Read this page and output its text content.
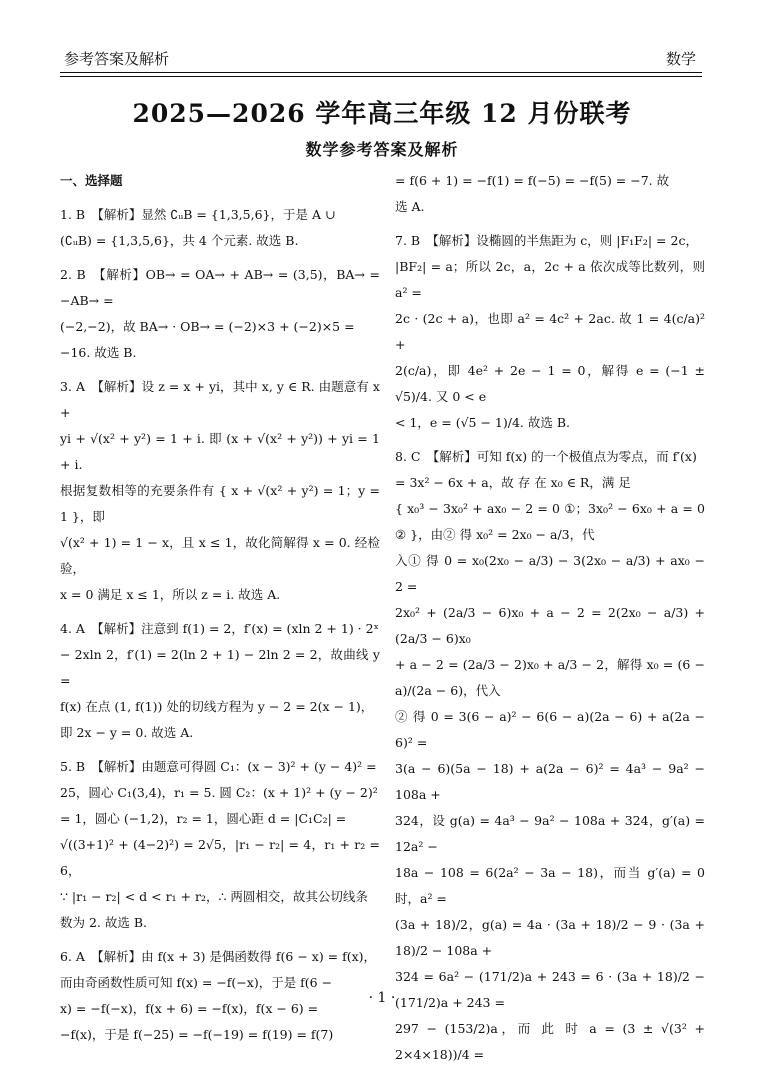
参考答案及解析	数学
2025—2026 学年高三年级 12 月份联考
数学参考答案及解析

一、选择题

1. B　【解析】显然 ∁ᵤB = {1,3,5,6}，于是 A ∪

(∁ᵤB) = {1,3,5,6}，共 4 个元素. 故选 B.

2. B　【解析】OB→ = OA→ + AB→ = (3,5)，BA→ = −AB→ =

(−2,−2)，故 BA→ · OB→ = (−2)×3 + (−2)×5 =

−16. 故选 B.

3. A　【解析】设 z = x + yi，其中 x, y ∈ R. 由题意有 x +

yi + √(x² + y²) = 1 + i. 即 (x + √(x² + y²)) + yi = 1 + i.

根据复数相等的充要条件有 { x + √(x² + y²) = 1；y = 1 }，即

√(x² + 1) = 1 − x，且 x ≤ 1，故化简解得 x = 0. 经检验，

x = 0 满足 x ≤ 1，所以 z = i. 故选 A.

4. A　【解析】注意到 f(1) = 2，f′(x) = (xln 2 + 1) · 2ˣ

− 2xln 2，f′(1) = 2(ln 2 + 1) − 2ln 2 = 2，故曲线 y =

f(x) 在点 (1, f(1)) 处的切线方程为 y − 2 = 2(x − 1)，

即 2x − y = 0. 故选 A.

5. B　【解析】由题意可得圆 C₁：(x − 3)² + (y − 4)² =

25，圆心 C₁(3,4)，r₁ = 5. 圆 C₂：(x + 1)² + (y − 2)²

= 1，圆心 (−1,2)，r₂ = 1，圆心距 d = |C₁C₂| =

√((3+1)² + (4−2)²) = 2√5，|r₁ − r₂| = 4，r₁ + r₂ = 6，

∵ |r₁ − r₂| < d < r₁ + r₂，∴ 两圆相交，故其公切线条

数为 2. 故选 B.

6. A　【解析】由 f(x + 3) 是偶函数得 f(6 − x) = f(x)，

而由奇函数性质可知 f(x) = −f(−x)，于是 f(6 −

x) = −f(−x)，f(x + 6) = −f(x)，f(x − 6) =

−f(x)，于是 f(−25) = −f(−19) = f(19) = f(7)

= f(6 + 1) = −f(1) = f(−5) = −f(5) = −7. 故

选 A.

7. B　【解析】设椭圆的半焦距为 c，则 |F₁F₂| = 2c，

|BF₂| = a；所以 2c，a，2c + a 依次成等比数列，则 a² =

2c · (2c + a)，也即 a² = 4c² + 2ac. 故 1 = 4(c/a)² +

2(c/a)，即 4e² + 2e − 1 = 0，解得 e = (−1 ± √5)/4. 又 0 < e

< 1，e = (√5 − 1)/4. 故选 B.

8. C　【解析】可知 f(x) 的一个极值点为零点，而 f′(x)

= 3x² − 6x + a，故 存 在 x₀ ∈ R，满 足

{ x₀³ − 3x₀² + ax₀ − 2 = 0 ①；3x₀² − 6x₀ + a = 0 ② }，由② 得 x₀² = 2x₀ − a/3，代

入① 得 0 = x₀(2x₀ − a/3) − 3(2x₀ − a/3) + ax₀ − 2 =

2x₀² + (2a/3 − 6)x₀ + a − 2 = 2(2x₀ − a/3) + (2a/3 − 6)x₀

+ a − 2 = (2a/3 − 2)x₀ + a/3 − 2，解得 x₀ = (6 − a)/(2a − 6)，代入

② 得 0 = 3(6 − a)² − 6(6 − a)(2a − 6) + a(2a − 6)² =

3(a − 6)(5a − 18) + a(2a − 6)² = 4a³ − 9a² − 108a +

324，设 g(a) = 4a³ − 9a² − 108a + 324，g′(a) = 12a² −

18a − 108 = 6(2a² − 3a − 18)，而当 g′(a) = 0 时，a² =

(3a + 18)/2，g(a) = 4a · (3a + 18)/2 − 9 · (3a + 18)/2 − 108a +

324 = 6a² − (171/2)a + 243 = 6 · (3a + 18)/2 − (171/2)a + 243 =

297 − (153/2)a，而 此 时 a = (3 ± √(3² + 2×4×18))/4 =

· 1 ·
